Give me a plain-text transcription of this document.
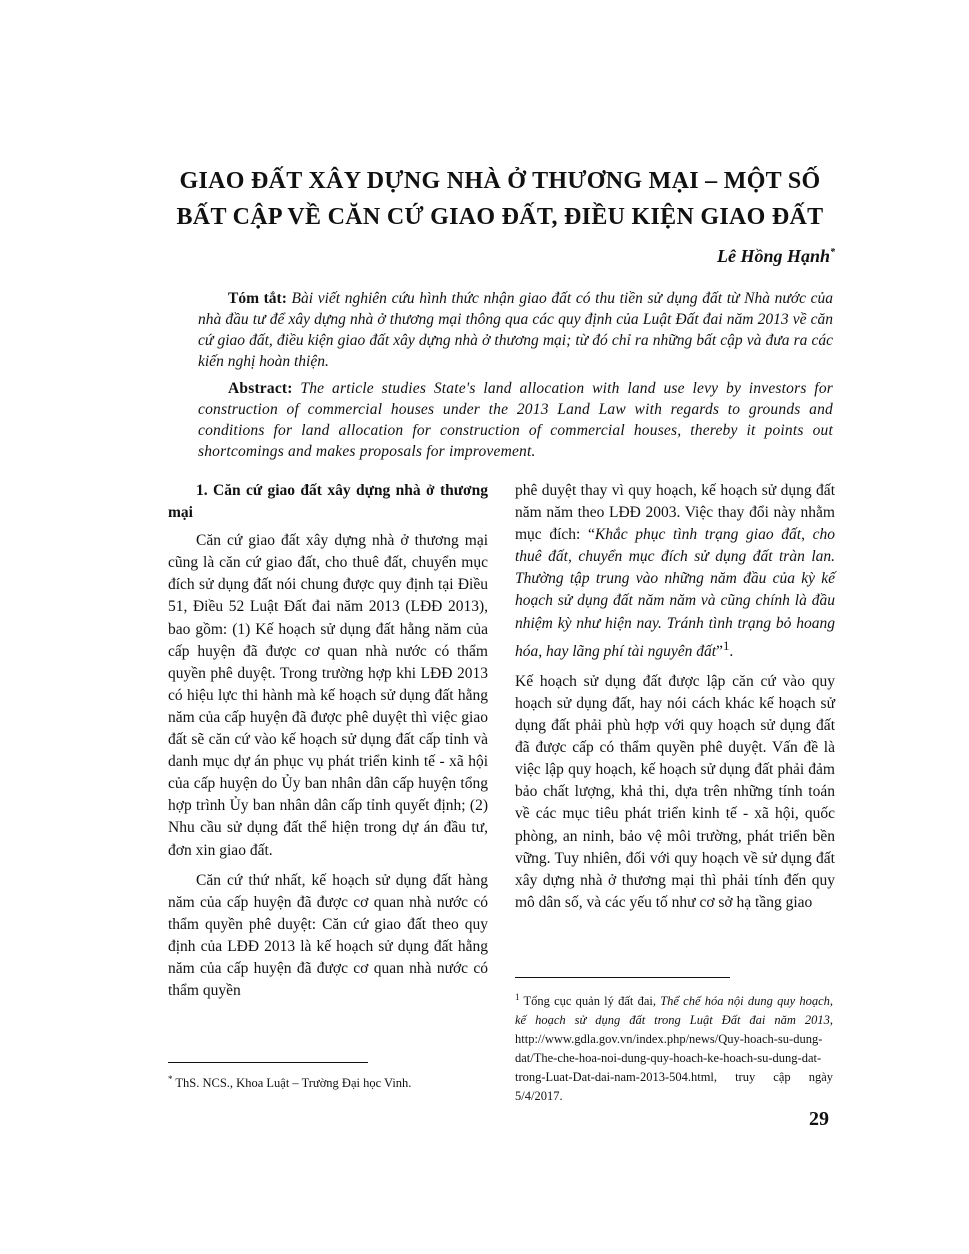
GIAO ĐẤT XÂY DỰNG NHÀ Ở THƯƠNG MẠI – MỘT SỐ
BẤT CẬP VỀ CĂN CỨ GIAO ĐẤT, ĐIỀU KIỆN GIAO ĐẤT
Lê Hồng Hạnh*
Tóm tắt: Bài viết nghiên cứu hình thức nhận giao đất có thu tiền sử dụng đất từ Nhà nước của nhà đầu tư để xây dựng nhà ở thương mại thông qua các quy định của Luật Đất đai năm 2013 về căn cứ giao đất, điều kiện giao đất xây dựng nhà ở thương mại; từ đó chỉ ra những bất cập và đưa ra các kiến nghị hoàn thiện.
Abstract: The article studies State's land allocation with land use levy by investors for construction of commercial houses under the 2013 Land Law with regards to grounds and conditions for land allocation for construction of commercial houses, thereby it points out shortcomings and makes proposals for improvement.
1. Căn cứ giao đất xây dựng nhà ở thương mại

Căn cứ giao đất xây dựng nhà ở thương mại cũng là căn cứ giao đất, cho thuê đất, chuyển mục đích sử dụng đất nói chung được quy định tại Điều 51, Điều 52 Luật Đất đai năm 2013 (LĐĐ 2013), bao gồm: (1) Kế hoạch sử dụng đất hằng năm của cấp huyện đã được cơ quan nhà nước có thẩm quyền phê duyệt. Trong trường hợp khi LĐĐ 2013 có hiệu lực thi hành mà kế hoạch sử dụng đất hằng năm của cấp huyện đã được phê duyệt thì việc giao đất sẽ căn cứ vào kế hoạch sử dụng đất cấp tỉnh và danh mục dự án phục vụ phát triển kinh tế - xã hội của cấp huyện do Ủy ban nhân dân cấp huyện tổng hợp trình Ủy ban nhân dân cấp tỉnh quyết định; (2) Nhu cầu sử dụng đất thể hiện trong dự án đầu tư, đơn xin giao đất.

Căn cứ thứ nhất, kế hoạch sử dụng đất hàng năm của cấp huyện đã được cơ quan nhà nước có thẩm quyền phê duyệt: Căn cứ giao đất theo quy định của LĐĐ 2013 là kế hoạch sử dụng đất hằng năm của cấp huyện đã được cơ quan nhà nước có thẩm quyền

phê duyệt thay vì quy hoạch, kế hoạch sử dụng đất năm năm theo LĐĐ 2003. Việc thay đổi này nhằm mục đích: “Khắc phục tình trạng giao đất, cho thuê đất, chuyển mục đích sử dụng đất tràn lan. Thường tập trung vào những năm đầu của kỳ kế hoạch sử dụng đất năm năm và cũng chính là đầu nhiệm kỳ như hiện nay. Tránh tình trạng bỏ hoang hóa, hay lãng phí tài nguyên đất”$^1$.

Kế hoạch sử dụng đất được lập căn cứ vào quy hoạch sử dụng đất, hay nói cách khác kế hoạch sử dụng đất phải phù hợp với quy hoạch sử dụng đất đã được cấp có thẩm quyền phê duyệt. Vấn đề là việc lập quy hoạch, kế hoạch sử dụng đất phải đảm bảo chất lượng, khả thi, dựa trên những tính toán về các mục tiêu phát triển kinh tế - xã hội, quốc phòng, an ninh, bảo vệ môi trường, phát triển bền vững. Tuy nhiên, đối với quy hoạch về sử dụng đất xây dựng nhà ở thương mại thì phải tính đến quy mô dân số, và các yếu tố như cơ sở hạ tầng giao

* ThS. NCS., Khoa Luật – Trường Đại học Vinh.
$^1$ Tổng cục quản lý đất đai, Thể chế hóa nội dung quy hoạch, kế hoạch sử dụng đất trong Luật Đất đai năm 2013, http://www.gdla.gov.vn/index.php/news/Quy-hoach-su-dung-dat/The-che-hoa-noi-dung-quy-hoach-ke-hoach-su-dung-dat-trong-Luat-Dat-dai-nam-2013-504.html, truy cập ngày 5/4/2017.
29
